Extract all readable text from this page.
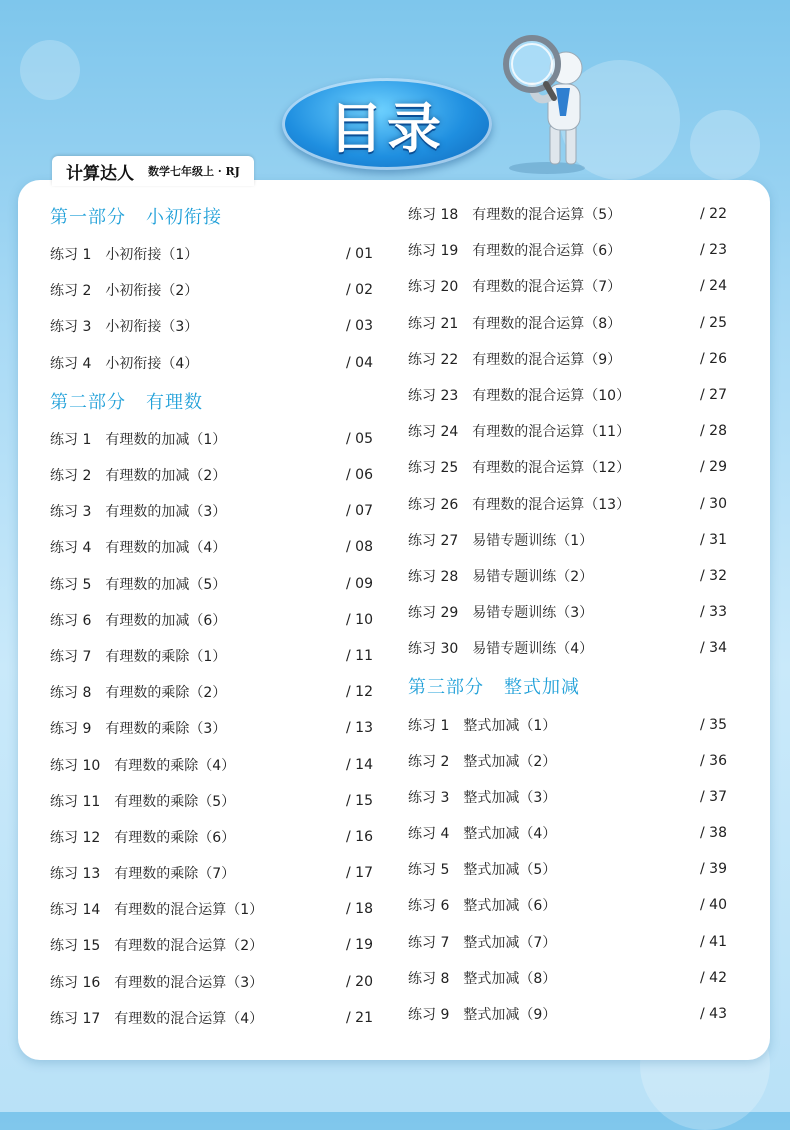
目录
计算达人 数学七年级上 · RJ
第一部分 小初衔接
练习 1 小初衔接（1）	/ 01
练习 2 小初衔接（2）	/ 02
练习 3 小初衔接（3）	/ 03
练习 4 小初衔接（4）	/ 04
第二部分 有理数
练习 1 有理数的加减（1）	/ 05
练习 2 有理数的加减（2）	/ 06
练习 3 有理数的加减（3）	/ 07
练习 4 有理数的加减（4）	/ 08
练习 5 有理数的加减（5）	/ 09
练习 6 有理数的加减（6）	/ 10
练习 7 有理数的乘除（1）	/ 11
练习 8 有理数的乘除（2）	/ 12
练习 9 有理数的乘除（3）	/ 13
练习 10 有理数的乘除（4）	/ 14
练习 11 有理数的乘除（5）	/ 15
练习 12 有理数的乘除（6）	/ 16
练习 13 有理数的乘除（7）	/ 17
练习 14 有理数的混合运算（1）	/ 18
练习 15 有理数的混合运算（2）	/ 19
练习 16 有理数的混合运算（3）	/ 20
练习 17 有理数的混合运算（4）	/ 21
练习 18 有理数的混合运算（5）	/ 22
练习 19 有理数的混合运算（6）	/ 23
练习 20 有理数的混合运算（7）	/ 24
练习 21 有理数的混合运算（8）	/ 25
练习 22 有理数的混合运算（9）	/ 26
练习 23 有理数的混合运算（10）	/ 27
练习 24 有理数的混合运算（11）	/ 28
练习 25 有理数的混合运算（12）	/ 29
练习 26 有理数的混合运算（13）	/ 30
练习 27 易错专题训练（1）	/ 31
练习 28 易错专题训练（2）	/ 32
练习 29 易错专题训练（3）	/ 33
练习 30 易错专题训练（4）	/ 34
第三部分 整式加减
练习 1 整式加减（1）	/ 35
练习 2 整式加减（2）	/ 36
练习 3 整式加减（3）	/ 37
练习 4 整式加减（4）	/ 38
练习 5 整式加减（5）	/ 39
练习 6 整式加减（6）	/ 40
练习 7 整式加减（7）	/ 41
练习 8 整式加减（8）	/ 42
练习 9 整式加减（9）	/ 43
